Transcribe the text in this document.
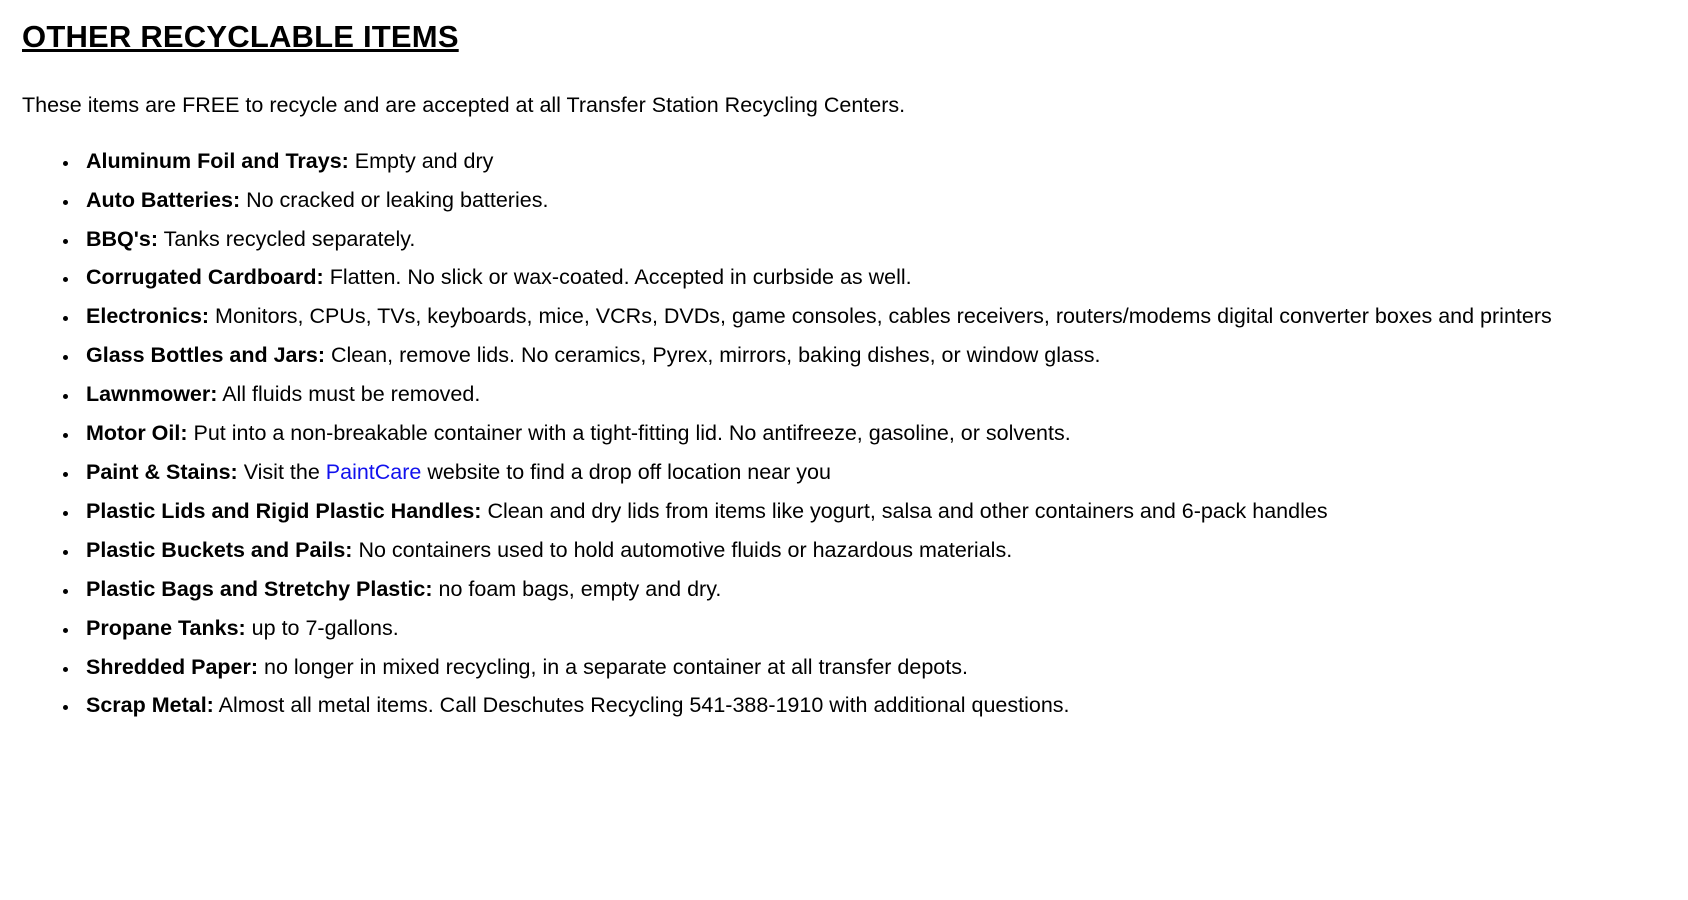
OTHER RECYCLABLE ITEMS

These items are FREE to recycle and are accepted at all Transfer Station Recycling Centers.

• Aluminum Foil and Trays: Empty and dry
• Auto Batteries: No cracked or leaking batteries.
• BBQ's: Tanks recycled separately.
• Corrugated Cardboard: Flatten. No slick or wax-coated. Accepted in curbside as well.
• Electronics: Monitors, CPUs, TVs, keyboards, mice, VCRs, DVDs, game consoles, cables receivers, routers/modems digital converter boxes and printers
• Glass Bottles and Jars: Clean, remove lids. No ceramics, Pyrex, mirrors, baking dishes, or window glass.
• Lawnmower: All fluids must be removed.
• Motor Oil: Put into a non-breakable container with a tight-fitting lid. No antifreeze, gasoline, or solvents.
• Paint & Stains: Visit the PaintCare website to find a drop off location near you
• Plastic Lids and Rigid Plastic Handles: Clean and dry lids from items like yogurt, salsa and other containers and 6-pack handles
• Plastic Buckets and Pails: No containers used to hold automotive fluids or hazardous materials.
• Plastic Bags and Stretchy Plastic: no foam bags, empty and dry.
• Propane Tanks: up to 7-gallons.
• Shredded Paper: no longer in mixed recycling, in a separate container at all transfer depots.
• Scrap Metal: Almost all metal items. Call Deschutes Recycling 541-388-1910 with additional questions.
